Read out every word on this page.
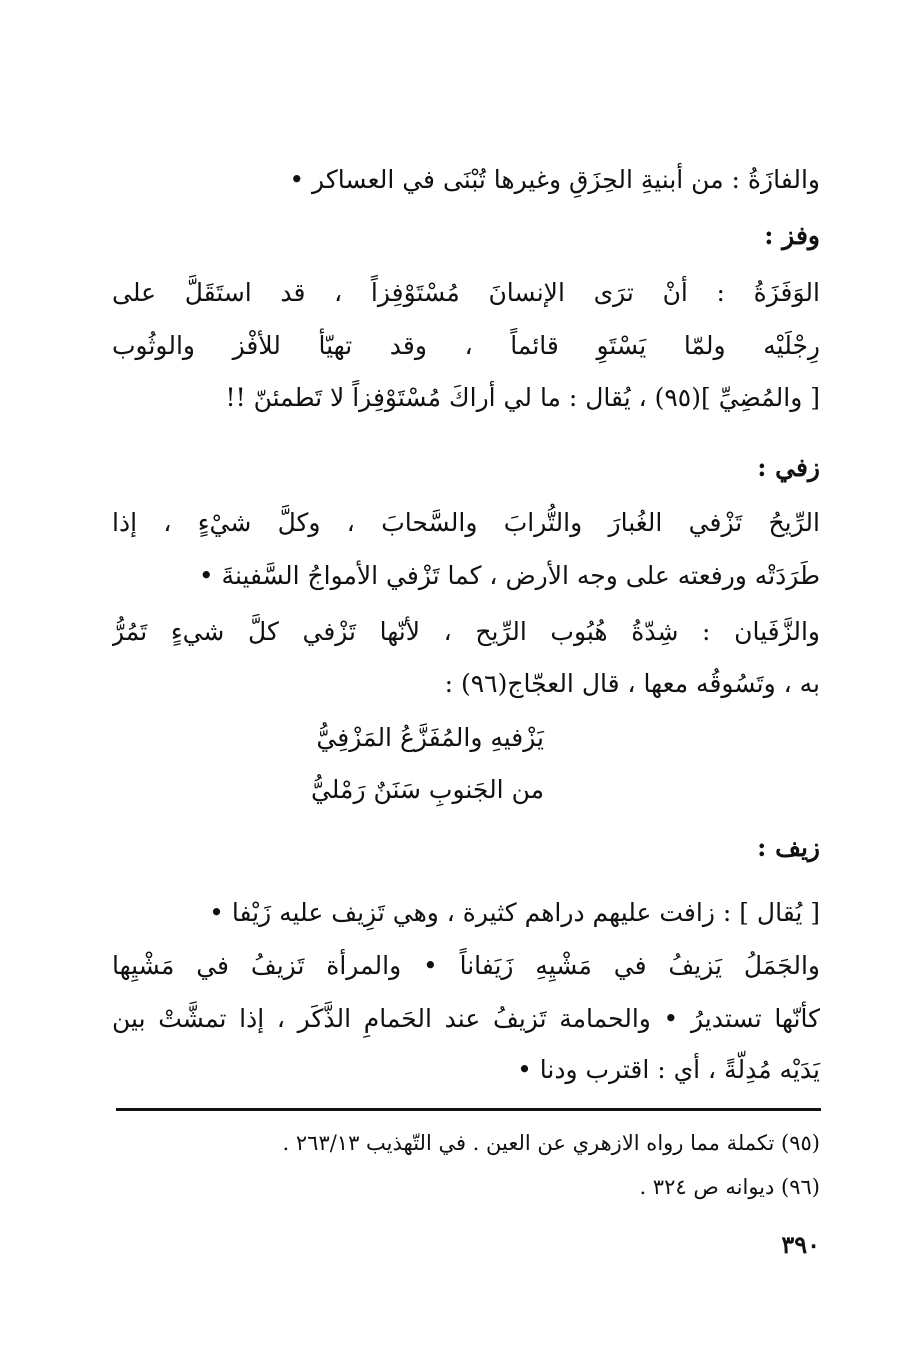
والفازَةُ : من أبنيةِ الحِزَقِ وغيرها تُبْنَى في العساكر •
وفز :
الوَفَزَةُ : أنْ ترَى الإنسانَ مُسْتَوْفِزاً ، قد استَقَلَّ على
رِجْلَيْه ولمّا يَسْتَوِ قائماً ، وقد تهيّأ للأفْز والوثُوب
[ والمُضِيِّ ](٩٥) ، يُقال : ما لي أراكَ مُسْتَوْفِزاً لا تَطمئنّ !!
زفي :
الرِّيحُ تَزْفي الغُبارَ والتُّرابَ والسَّحابَ ، وكلَّ شيْءٍ ، إذا
طَرَدَتْه ورفعته على وجه الأرض ، كما تَزْفي الأمواجُ السَّفينةَ •
والزَّفَيان : شِدّةُ هُبُوب الرِّيح ، لأنّها تَزْفي كلَّ شيءٍ تَمُرُّ
به ، وتَسُوقُه معها ، قال العجّاج(٩٦) :
يَزْفيهِ والمُفَزَّعُ المَزْفِيُّ
من الجَنوبِ سَنَنٌ رَمْليُّ
زيف :
[ يُقال ] : زافت عليهم دراهم كثيرة ، وهي تَزِيف عليه زَيْفا •
والجَمَلُ يَزيفُ في مَشْيِهِ زَيَفاناً • والمرأة تَزيفُ في مَشْيِها
كأنّها تستديرُ • والحمامة تَزيفُ عند الحَمامِ الذَّكَر ، إذا تمشَّتْ بين
يَدَيْه مُدِلّةً ، أي : اقترب ودنا •
(٩٥) تكملة مما رواه الازهري عن العين . في التّهذيب ٢٦٣/١٣ .
(٩٦) ديوانه ص ٣٢٤ .
٣٩٠
